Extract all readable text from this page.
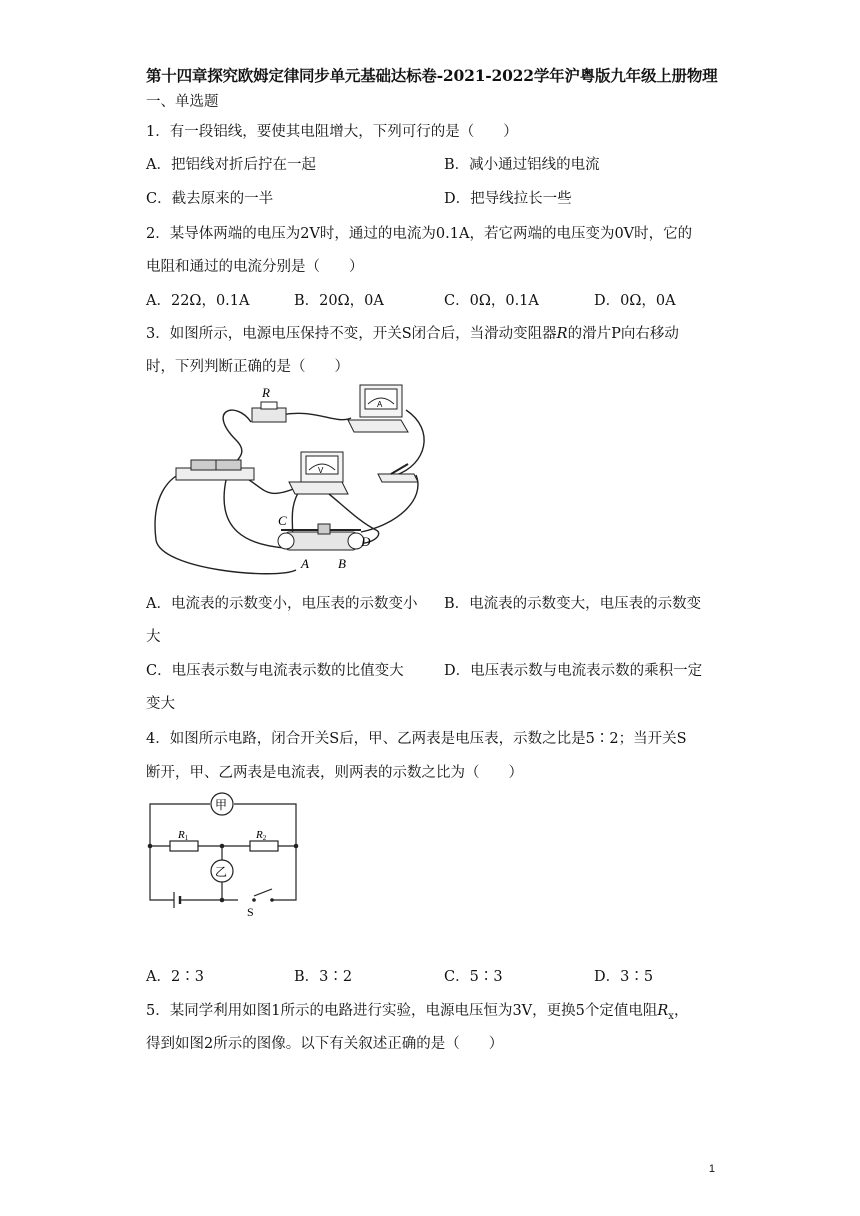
第十四章探究欧姆定律同步单元基础达标卷-2021-2022学年沪粤版九年级上册物理
一、单选题
1．有一段铝线，要使其电阻增大，下列可行的是（　　）
A．把铝线对折后拧在一起	B．减小通过铝线的电流
C．截去原来的一半	D．把导线拉长一些
2．某导体两端的电压为2V时，通过的电流为0.1A，若它两端的电压变为0V时，它的
电阻和通过的电流分别是（　　）
A．22Ω，0.1A	B．20Ω，0A	C．0Ω，0.1A	D．0Ω，0A
3．如图所示，电源电压保持不变，开关S闭合后，当滑动变阻器R的滑片P向右移动
时，下列判断正确的是（　　）
R
A
V
C
D
A B
A．电流表的示数变小，电压表的示数变小 B．电流表的示数变大，电压表的示数变
大
C．电压表示数与电流表示数的比值变大	D．电压表示数与电流表示数的乘积一定
变大
4．如图所示电路，闭合开关S后，甲、乙两表是电压表，示数之比是5∶2；当开关S
断开，甲、乙两表是电流表，则两表的示数之比为（　　）
甲
乙
R1	R2
S
A．2∶3	B．3∶2	C．5∶3	D．3∶5
5．某同学利用如图1所示的电路进行实验，电源电压恒为3V，更换5个定值电阻$R_x$，
得到如图2所示的图像。以下有关叙述正确的是（　　）
1
